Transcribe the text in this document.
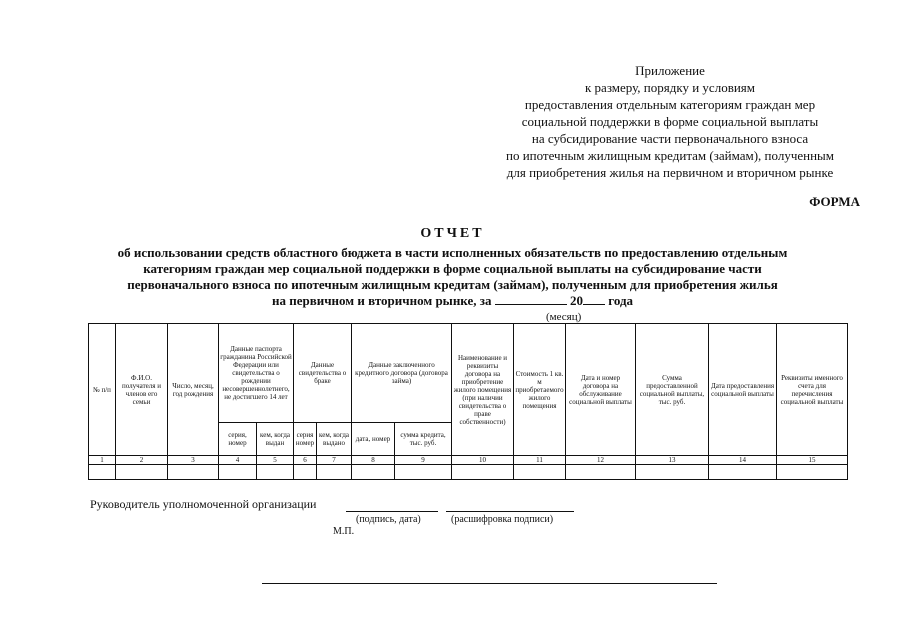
Приложение
к размеру, порядку и условиям
предоставления отдельным категориям граждан мер
социальной поддержки в форме социальной выплаты
на субсидирование части первоначального взноса
по ипотечным жилищным кредитам (займам), полученным
для приобретения жилья на первичном и вторичном рынке
ФОРМА
ОТЧЕТ
об использовании средств областного бюджета в части исполненных обязательств по предоставлению отдельным
категориям граждан мер социальной поддержки в форме социальной выплаты на субсидирование части
первоначального взноса по ипотечным жилищным кредитам (займам), полученным для приобретения жилья
на первичном и вторичном рынке, за	20 года
(месяц)
№ п/п	Ф.И.О. получателя и членов его семьи	Число, месяц, год рождения	Данные паспорта гражданина Российской Федерации или свидетельства о рождении несовершеннолетнего, не достигшего 14 лет		Данные свидетельства о браке		Данные заключенного кредитного договора (договора займа)		Наименование и реквизиты договора на приобретение жилого помещения (при наличии свидетельства о праве собственности)	Стоимость 1 кв. м приобретаемого жилого помещения	Дата и номер договора на обслуживание социальной выплаты	Сумма предоставленной социальной выплаты, тыс. руб.	Дата предоставления социальной выплаты	Реквизиты именного счета для перечисления социальной выплаты
			серия, номер	кем, когда выдан	серия номер	кем, когда выдано	дата, номер	сумма кредита, тыс. руб.						
1	2	3	4	5	6	7	8	9	10	11	12	13	14	15

Руководитель уполномоченной организации
(подпись, дата)	(расшифровка подписи)
М.П.
